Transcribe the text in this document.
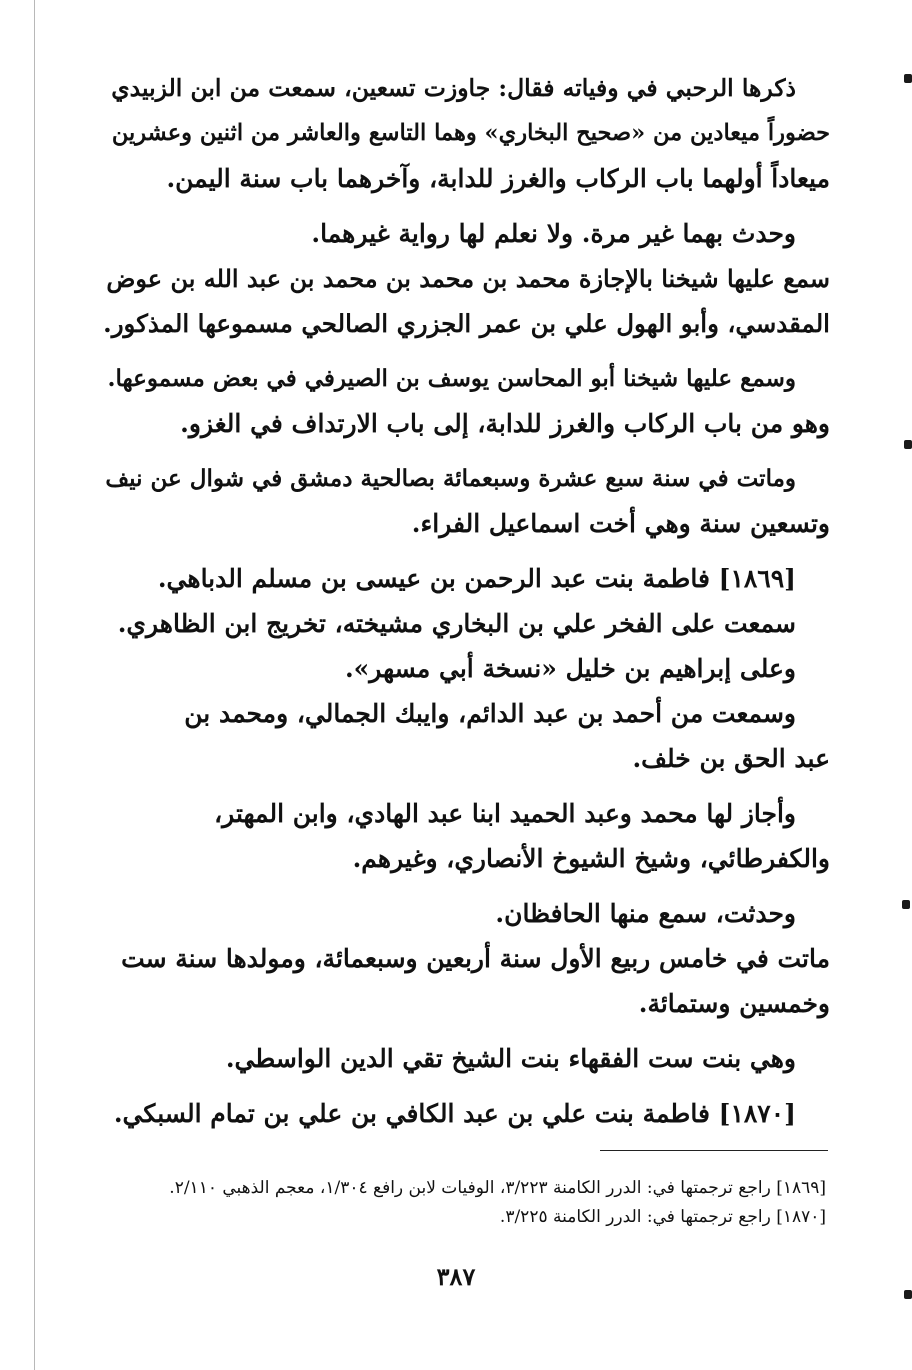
ذكرها الرحبي في وفياته فقال: جاوزت تسعين، سمعت من ابن الزبيدي
حضوراً ميعادين من «صحيح البخاري» وهما التاسع والعاشر من اثنين وعشرين
ميعاداً أولهما باب الركاب والغرز للدابة، وآخرهما باب سنة اليمن.
وحدث بهما غير مرة. ولا نعلم لها رواية غيرهما.
سمع عليها شيخنا بالإجازة محمد بن محمد بن محمد بن عبد الله بن عوض
المقدسي، وأبو الهول علي بن عمر الجزري الصالحي مسموعها المذكور.
وسمع عليها شيخنا أبو المحاسن يوسف بن الصيرفي في بعض مسموعها.
وهو من باب الركاب والغرز للدابة، إلى باب الارتداف في الغزو.
وماتت في سنة سبع عشرة وسبعمائة بصالحية دمشق في شوال عن نيف
وتسعين سنة وهي أخت اسماعيل الفراء.
[١٨٦٩] فاطمة بنت عبد الرحمن بن عيسى بن مسلم الدباهي.
سمعت على الفخر علي بن البخاري مشيخته، تخريج ابن الظاهري.
وعلى إبراهيم بن خليل «نسخة أبي مسهر».
وسمعت من أحمد بن عبد الدائم، وايبك الجمالي، ومحمد بن
عبد الحق بن خلف.
وأجاز لها محمد وعبد الحميد ابنا عبد الهادي، وابن المهتر،
والكفرطائي، وشيخ الشيوخ الأنصاري، وغيرهم.
وحدثت، سمع منها الحافظان.
ماتت في خامس ربيع الأول سنة أربعين وسبعمائة، ومولدها سنة ست
وخمسين وستمائة.
وهي بنت ست الفقهاء بنت الشيخ تقي الدين الواسطي.
[١٨٧٠] فاطمة بنت علي بن عبد الكافي بن علي بن تمام السبكي.
[١٨٦٩] راجع ترجمتها في: الدرر الكامنة ٣/٢٢٣، الوفيات لابن رافع ١/٣٠٤، معجم الذهبي ٢/١١٠.
[١٨٧٠] راجع ترجمتها في: الدرر الكامنة ٣/٢٢٥.
٣٨٧
